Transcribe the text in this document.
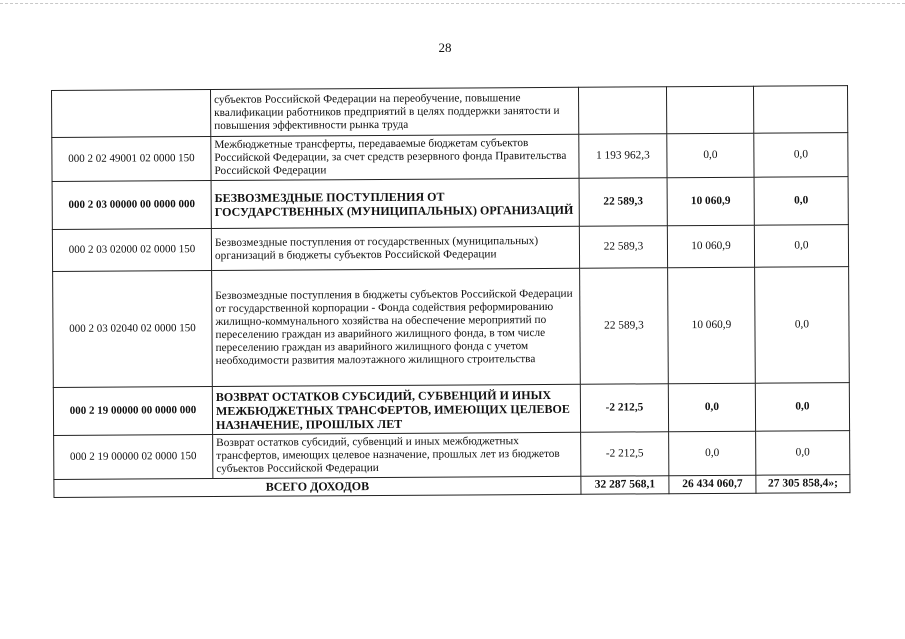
28
	субъектов Российской Федерации на переобучение, повышение квалификации работников предприятий в целях поддержки занятости и повышения эффективности рынка труда			
000 2 02 49001 02 0000 150	Межбюджетные трансферты, передаваемые бюджетам субъектов Российской Федерации, за счет средств резервного фонда Правительства Российской Федерации	1 193 962,3	0,0	0,0
000 2 03 00000 00 0000 000	БЕЗВОЗМЕЗДНЫЕ ПОСТУПЛЕНИЯ ОТ ГОСУДАРСТВЕННЫХ (МУНИЦИПАЛЬНЫХ) ОРГАНИЗАЦИЙ	22 589,3	10 060,9	0,0
000 2 03 02000 02 0000 150	Безвозмездные поступления от государственных (муниципальных) организаций в бюджеты субъектов Российской Федерации	22 589,3	10 060,9	0,0
000 2 03 02040 02 0000 150	Безвозмездные поступления в бюджеты субъектов Российской Федерации от государственной корпорации - Фонда содействия реформированию жилищно-коммунального хозяйства на обеспечение мероприятий по переселению граждан из аварийного жилищного фонда, в том числе переселению граждан из аварийного жилищного фонда с учетом необходимости развития малоэтажного жилищного строительства	22 589,3	10 060,9	0,0
000 2 19 00000 00 0000 000	ВОЗВРАТ ОСТАТКОВ СУБСИДИЙ, СУБВЕНЦИЙ И ИНЫХ МЕЖБЮДЖЕТНЫХ ТРАНСФЕРТОВ, ИМЕЮЩИХ ЦЕЛЕВОЕ НАЗНАЧЕНИЕ, ПРОШЛЫХ ЛЕТ	-2 212,5	0,0	0,0
000 2 19 00000 02 0000 150	Возврат остатков субсидий, субвенций и иных межбюджетных трансфертов, имеющих целевое назначение, прошлых лет из бюджетов субъектов Российской Федерации	-2 212,5	0,0	0,0
ВСЕГО ДОХОДОВ		32 287 568,1	26 434 060,7	27 305 858,4»;
